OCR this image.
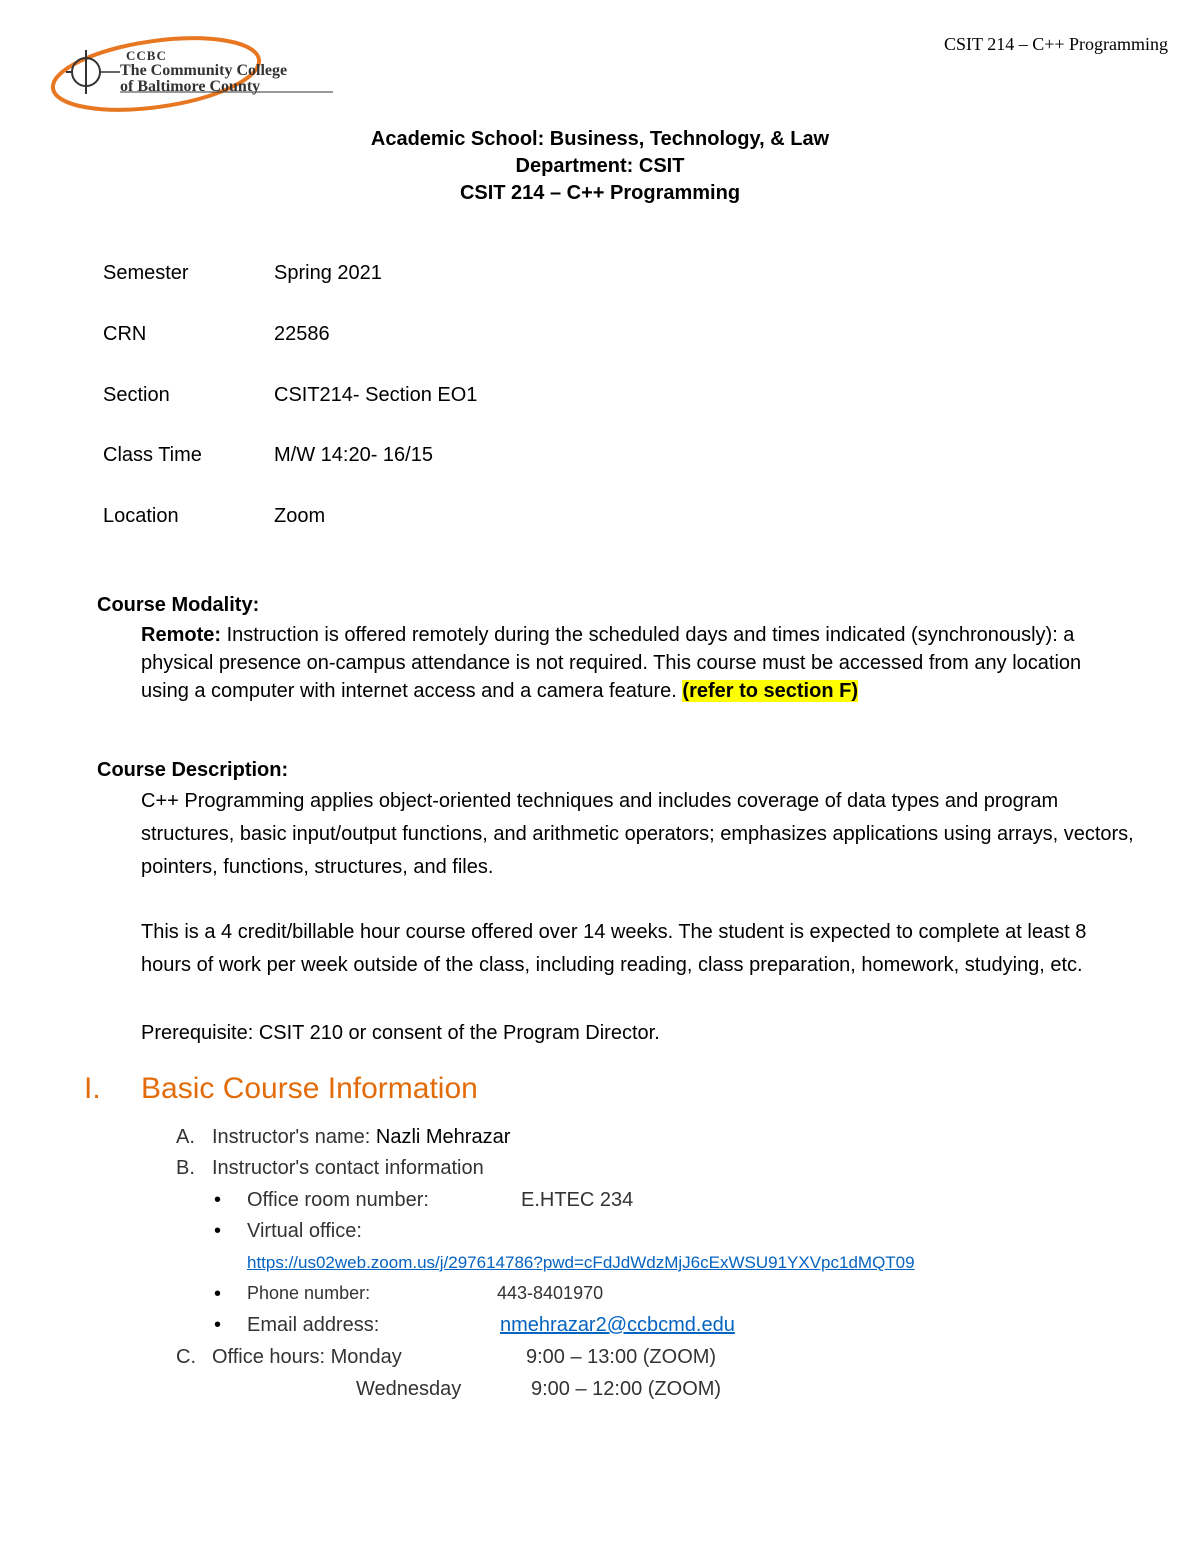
CCBC
The Community College
of Baltimore County
CSIT 214 – C++ Programming
Academic School: Business, Technology, & Law
Department: CSIT
CSIT 214 – C++ Programming
Semester	Spring 2021
CRN	22586
Section	CSIT214- Section EO1
Class Time	M/W 14:20- 16/15
Location	Zoom
Course Modality:
Remote: Instruction is offered remotely during the scheduled days and times indicated (synchronously): a physical presence on-campus attendance is not required. This course must be accessed from any location using a computer with internet access and a camera feature. (refer to section F)
Course Description:
C++ Programming applies object-oriented techniques and includes coverage of data types and program structures, basic input/output functions, and arithmetic operators; emphasizes applications using arrays, vectors, pointers, functions, structures, and files.
This is a 4 credit/billable hour course offered over 14 weeks. The student is expected to complete at least 8 hours of work per week outside of the class, including reading, class preparation, homework, studying, etc.
Prerequisite: CSIT 210 or consent of the Program Director.
I. Basic Course Information
A. Instructor's name: Nazli Mehrazar
B. Instructor's contact information
• Office room number:	E.HTEC 234
• Virtual office:
https://us02web.zoom.us/j/297614786?pwd=cFdJdWdzMjJ6cExWSU91YXVpc1dMQT09
• Phone number:	443-8401970
• Email address:	nmehrazar2@ccbcmd.edu
C. Office hours: Monday	9:00 – 13:00 (ZOOM)
Wednesday	9:00 – 12:00 (ZOOM)
